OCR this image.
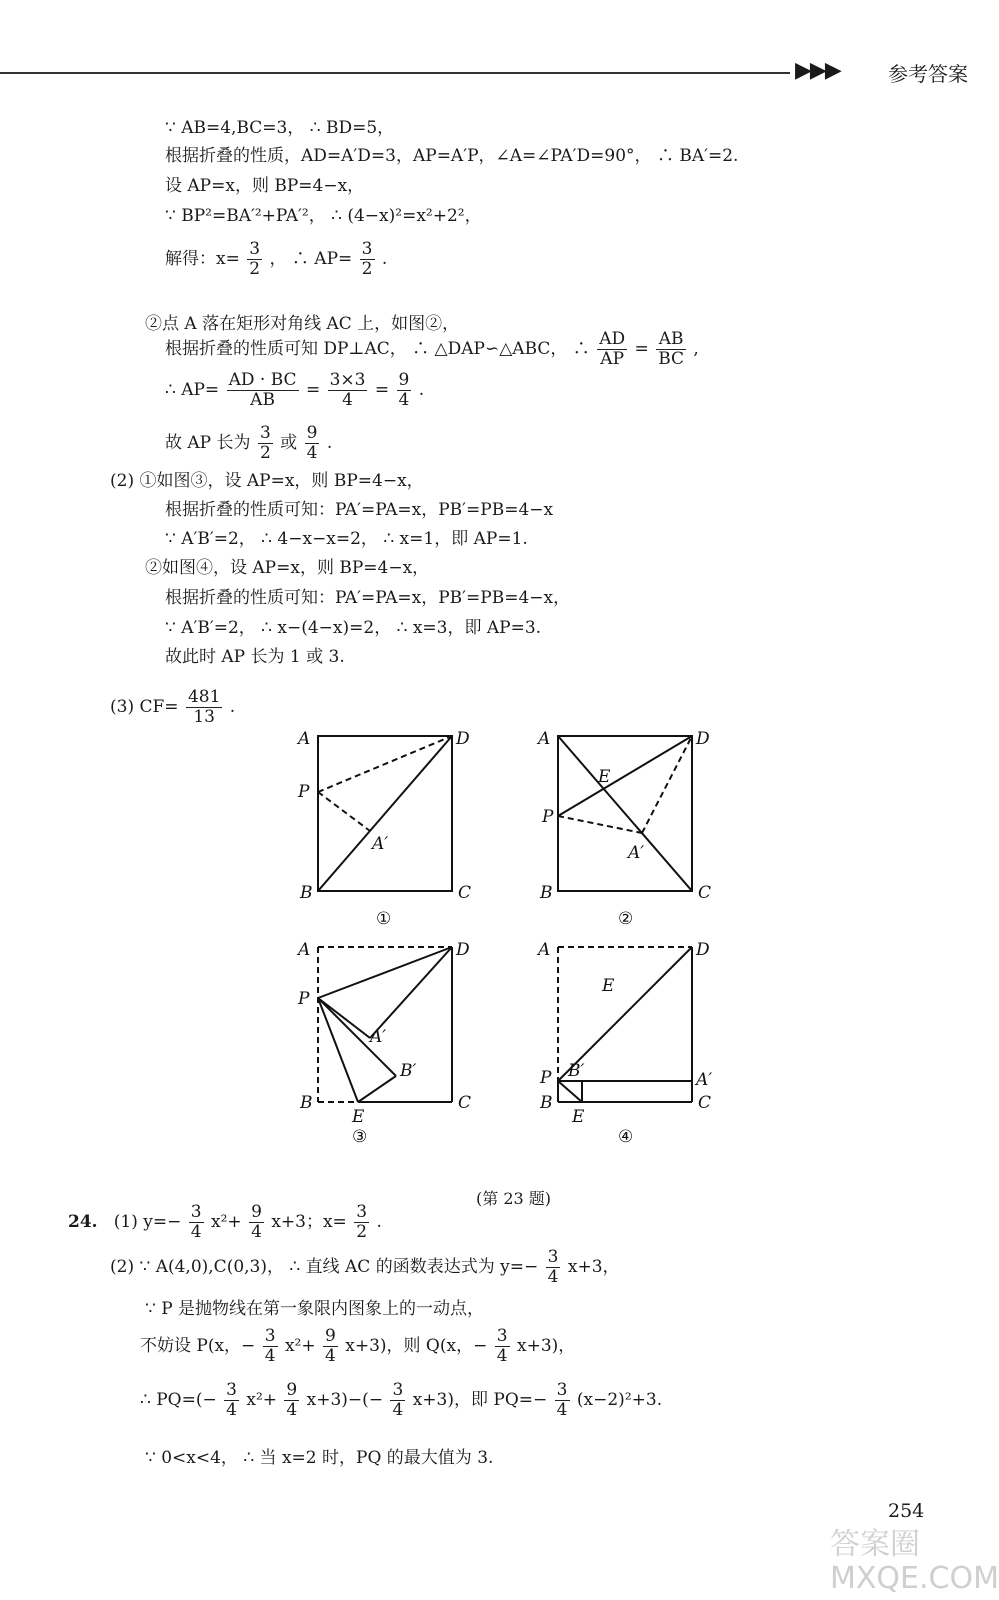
▶▶▶ 参考答案
∵ AB=4,BC=3， ∴ BD=5，
根据折叠的性质，AD=A′D=3，AP=A′P，∠A=∠PA′D=90°， ∴ BA′=2.
设 AP=x，则 BP=4−x，
∵ BP²=BA′²+PA′²， ∴ (4−x)²=x²+2²，
解得：$x= \frac{3}{2}$ ， ∴ $AP= \frac{3}{2}$ .
②点 A 落在矩形对角线 AC 上，如图②，
根据折叠的性质可知 DP⊥AC， ∴ △DAP∽△ABC， ∴ $\frac{AD}{AP} = \frac{AB}{BC}$ ,
∴ $AP= \frac{AD \cdot BC}{AB} = \frac{3\times 3}{4} = \frac{9}{4}$ .
故 AP 长为 $\frac{3}{2}$ 或 $\frac{9}{4}$ .
(2) ①如图③，设 AP=x，则 BP=4−x，
根据折叠的性质可知：PA′=PA=x，PB′=PB=4−x
∵ A′B′=2， ∴ 4−x−x=2， ∴ x=1，即 AP=1.
②如图④，设 AP=x，则 BP=4−x，
根据折叠的性质可知：PA′=PA=x，PB′=PB=4−x，
∵ A′B′=2， ∴ x−(4−x)=2， ∴ x=3，即 AP=3.
故此时 AP 长为 1 或 3.
(3) $CF= \frac{481}{13}$ .
A	D
P
A′
B	C
①
A	D
E
P
A′
B	C
②
A	D
P
A′
B′
B
E
C
③
A	D
E
P B′	A′
B
E
C
④
(第 23 题)
24. (1) $y=- \frac{3}{4} x^2+ \frac{9}{4} x+3$；$x= \frac{3}{2}$ .
(2) ∵ A(4,0),C(0,3)， ∴ 直线 AC 的函数表达式为 $y=- \frac{3}{4} x+3$，
∵ P 是抛物线在第一象限内图象上的一动点，
不妨设 P(x，− $\frac{3}{4} x^2+ \frac{9}{4} x+3$)，则 Q(x，− $\frac{3}{4} x+3$)，
∴ $PQ=(- \frac{3}{4} x^2+ \frac{9}{4} x+3)-(- \frac{3}{4} x+3)$，即 $PQ=- \frac{3}{4} (x-2)^2+3$.
∵ 0<x<4， ∴ 当 x=2 时，PQ 的最大值为 3.
254
答案圈
MXQE.COM
